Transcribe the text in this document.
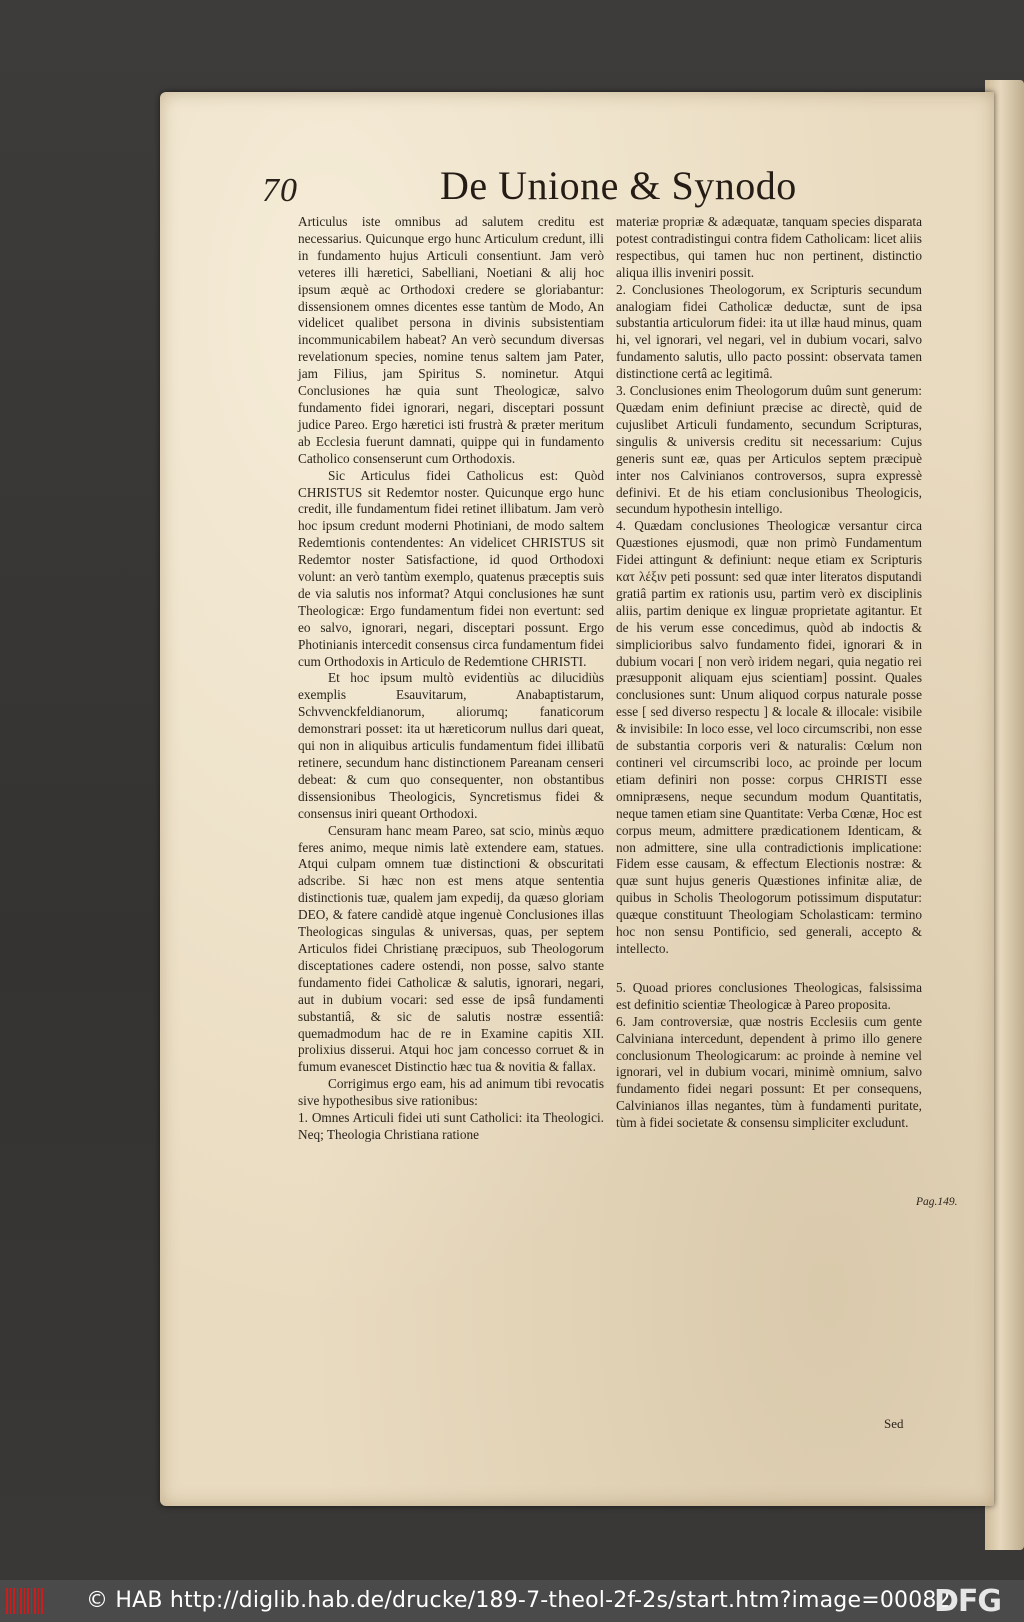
70	De Unione & Synodo

Articulus iste omnibus ad salutem creditu est necessarius. Quicunque ergo hunc Articulum credunt, illi in fundamento hujus Articuli consentiunt. Jam verò veteres illi hæretici, Sabelliani, Noetiani & alij hoc ipsum æquè ac Orthodoxi credere se gloriabantur: dissensionem omnes dicentes esse tantùm de Modo, An videlicet qualibet persona in divinis subsistentiam incommunicabilem habeat? An verò secundum diversas revelationum species, nomine tenus saltem jam Pater, jam Filius, jam Spiritus S. nominetur. Atqui Conclusiones hæ quia sunt Theologicæ, salvo fundamento fidei ignorari, negari, disceptari possunt judice Pareo. Ergo hæretici isti frustrà & præter meritum ab Ecclesia fuerunt damnati, quippe qui in fundamento Catholico consenserunt cum Orthodoxis.

Sic Articulus fidei Catholicus est: Quòd CHRISTUS sit Redemtor noster. Quicunque ergo hunc credit, ille fundamentum fidei retinet illibatum. Jam verò hoc ipsum credunt moderni Photiniani, de modo saltem Redemtionis contendentes: An videlicet CHRISTUS sit Redemtor noster Satisfactione, id quod Orthodoxi volunt: an verò tantùm exemplo, quatenus præceptis suis de via salutis nos informat? Atqui conclusiones hæ sunt Theologicæ: Ergo fundamentum fidei non evertunt: sed eo salvo, ignorari, negari, disceptari possunt. Ergo Photinianis intercedit consensus circa fundamentum fidei cum Orthodoxis in Articulo de Redemtione CHRISTI.

Et hoc ipsum multò evidentiùs ac dilucidiùs exemplis Esauvitarum, Anabaptistarum, Schvvenckfeldianorum, aliorumq; fanaticorum demonstrari posset: ita ut hæreticorum nullus dari queat, qui non in aliquibus articulis fundamentum fidei illibatū retinere, secundum hanc distinctionem Pareanam censeri debeat: & cum quo consequenter, non obstantibus dissensionibus Theologicis, Syncretismus fidei & consensus iniri queant Orthodoxi.

Censuram hanc meam Pareo, sat scio, minùs æquo feres animo, meque nimis latè extendere eam, statues. Atqui culpam omnem tuæ distinctioni & obscuritati adscribe. Si hæc non est mens atque sententia distinctionis tuæ, qualem jam expedij, da quæso gloriam DEO, & fatere candidè atque ingenuè Conclusiones illas Theologicas singulas & universas, quas, per septem Articulos fidei Christianę præcipuos, sub Theologorum disceptationes cadere ostendi, non posse, salvo stante fundamento fidei Catholicæ & salutis, ignorari, negari, aut in dubium vocari: sed esse de ipsâ fundamenti substantiâ, & sic de salutis nostræ essentiâ: quemadmodum hac de re in Examine capitis XII. prolixius disserui. Atqui hoc jam concesso corruet & in fumum evanescet Distinctio hæc tua & novitia & fallax.

Corrigimus ergo eam, his ad animum tibi revocatis sive hypothesibus sive rationibus:

1. Omnes Articuli fidei uti sunt Catholici: ita Theologici. Neq; Theologia Christiana ratione

materiæ propriæ & adæquatæ, tanquam species disparata potest contradistingui contra fidem Catholicam: licet aliis respectibus, qui tamen huc non pertinent, distinctio aliqua illis inveniri possit.

2. Conclusiones Theologorum, ex Scripturis secundum analogiam fidei Catholicæ deductæ, sunt de ipsa substantia articulorum fidei: ita ut illæ haud minus, quam hi, vel ignorari, vel negari, vel in dubium vocari, salvo fundamento salutis, ullo pacto possint: observata tamen distinctione certâ ac legitimâ.

3. Conclusiones enim Theologorum duûm sunt generum: Quædam enim definiunt præcise ac directè, quid de cujuslibet Articuli fundamento, secundum Scripturas, singulis & universis creditu sit necessarium: Cujus generis sunt eæ, quas per Articulos septem præcipuè inter nos Calvinianos controversos, supra expressè definivi. Et de his etiam conclusionibus Theologicis, secundum hypothesin intelligo.

4. Quædam conclusiones Theologicæ versantur circa Quæstiones ejusmodi, quæ non primò Fundamentum Fidei attingunt & definiunt: neque etiam ex Scripturis κατ λέξιν peti possunt: sed quæ inter literatos disputandi gratiâ partim ex rationis usu, partim verò ex disciplinis aliis, partim denique ex linguæ proprietate agitantur. Et de his verum esse concedimus, quòd ab indoctis & simplicioribus salvo fundamento fidei, ignorari & in dubium vocari [ non verò iridem negari, quia negatio rei præsupponit aliquam ejus scientiam] possint. Quales conclusiones sunt: Unum aliquod corpus naturale posse esse [ sed diverso respectu ] & locale & illocale: visibile & invisibile: In loco esse, vel loco circumscribi, non esse de substantia corporis veri & naturalis: Cœlum non contineri vel circumscribi loco, ac proinde per locum etiam definiri non posse: corpus CHRISTI esse omnipræsens, neque secundum modum Quantitatis, neque tamen etiam sine Quantitate: Verba Cœnæ, Hoc est corpus meum, admittere prædicationem Identicam, & non admittere, sine ulla contradictionis implicatione: Fidem esse causam, & effectum Electionis nostræ: & quæ sunt hujus generis Quæstiones infinitæ aliæ, de quibus in Scholis Theologorum potissimum disputatur: quæque constituunt Theologiam Scholasticam: termino hoc non sensu Pontificio, sed generali, accepto & intellecto.

5. Quoad priores conclusiones Theologicas, falsissima est definitio scientiæ Theologicæ à Pareo proposita.

6. Jam controversiæ, quæ nostris Ecclesiis cum gente Calviniana intercedunt, dependent à primo illo genere conclusionum Theologicarum: ac proinde à nemine vel ignorari, vel in dubium vocari, minimè omnium, salvo fundamento fidei negari possunt: Et per consequens, Calvinianos illas negantes, tùm à fundamenti puritate, tùm à fidei societate & consensu simpliciter excludunt.

Pag.149.
Sed
© HAB http://diglib.hab.de/drucke/189-7-theol-2f-2s/start.htm?image=00082
DFG
